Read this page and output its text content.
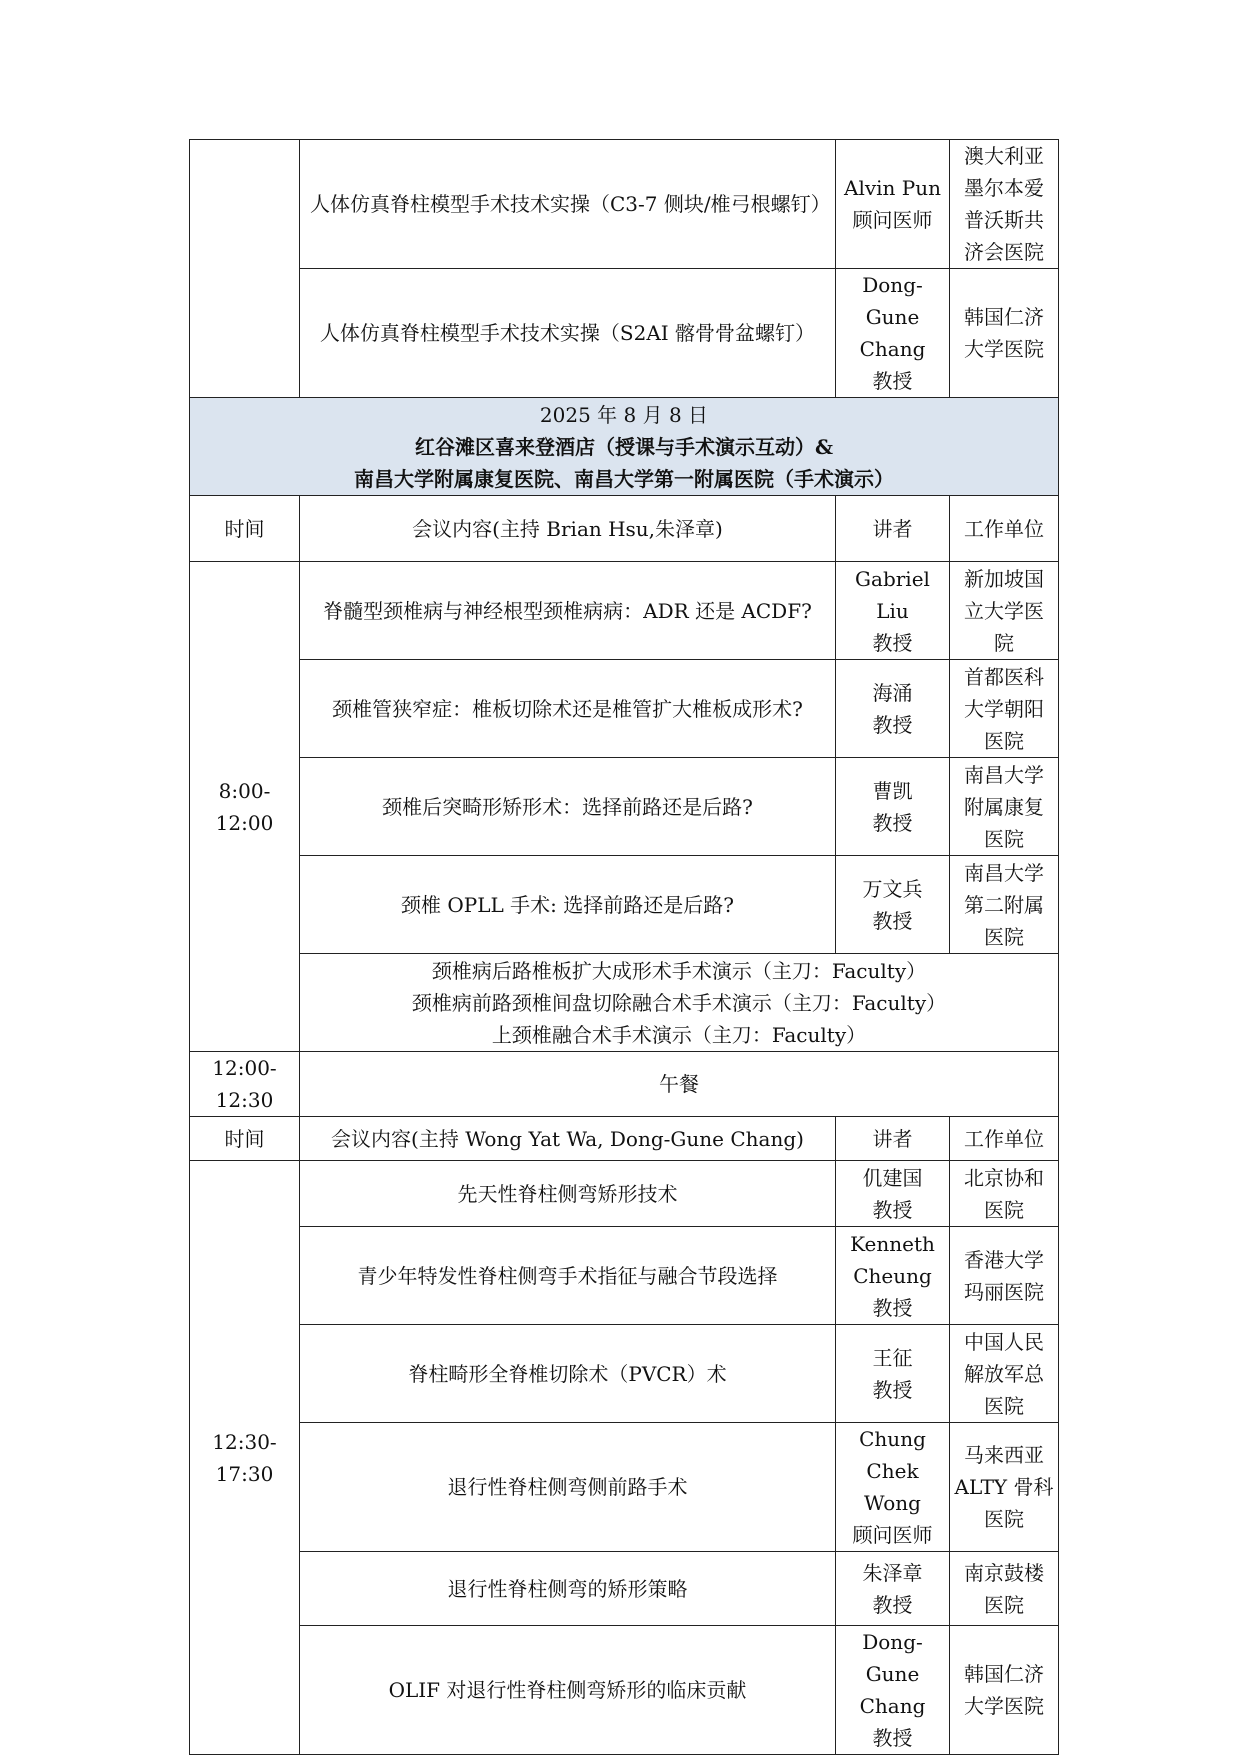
	人体仿真脊柱模型手术技术实操（C3-7 侧块/椎弓根螺钉）	Alvin Pun
顾问医师	澳大利亚
墨尔本爱
普沃斯共
济会医院

	人体仿真脊柱模型手术技术实操（S2AI 髂骨骨盆螺钉）	Dong-Gune
Chang
教授	韩国仁济
大学医院

2025 年 8 月 8 日
红谷滩区喜来登酒店（授课与手术演示互动）&
南昌大学附属康复医院、南昌大学第一附属医院（手术演示）			

时间	会议内容(主持 Brian Hsu,朱泽章)	讲者	工作单位
8:00-12:00	脊髓型颈椎病与神经根型颈椎病病：ADR 还是 ACDF?	Gabriel Liu
教授	新加坡国
立大学医
院

	颈椎管狭窄症：椎板切除术还是椎管扩大椎板成形术?	海涌
教授	首都医科
大学朝阳
医院

	颈椎后突畸形矫形术：选择前路还是后路?	曹凯
教授	南昌大学
附属康复
医院

	颈椎 OPLL 手术: 选择前路还是后路?	万文兵
教授	南昌大学
第二附属
医院

	颈椎病后路椎板扩大成形术手术演示（主刀：Faculty）
颈椎病前路颈椎间盘切除融合术手术演示（主刀：Faculty）
上颈椎融合术手术演示（主刀：Faculty）		

12:00-12:30	午餐		
时间	会议内容(主持 Wong Yat Wa, Dong-Gune Chang)	讲者	工作单位
12:30-17:30	先天性脊柱侧弯矫形技术	仉建国
教授	北京协和
医院

	青少年特发性脊柱侧弯手术指征与融合节段选择	Kenneth
Cheung
教授	香港大学
玛丽医院

	脊柱畸形全脊椎切除术（PVCR）术	王征
教授	中国人民
解放军总
医院

	退行性脊柱侧弯侧前路手术	Chung Chek
Wong
顾问医师	马来西亚
ALTY 骨科
医院

	退行性脊柱侧弯的矫形策略	朱泽章
教授	南京鼓楼
医院

	OLIF 对退行性脊柱侧弯矫形的临床贡献	Dong-Gune
Chang
教授	韩国仁济
大学医院
